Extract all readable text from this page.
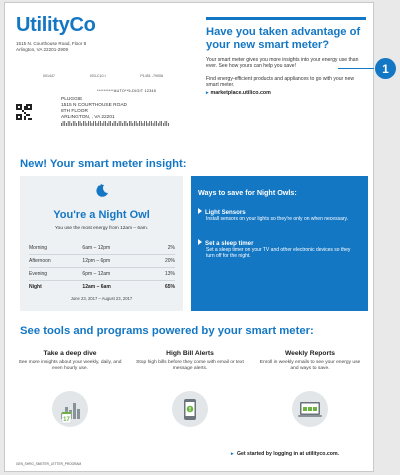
UtilityCo
1515 N. Courthouse Road, Floor 8
Arlington, VA 22201-2909
001447	003-C10-I	P1451 -79008
**********AUTO**5-DIGIT 12345
PLUGGIE
1515 N COURTHOUSE ROAD
8TH FLOOR
ARLINGTON, , VA 22201
Have you taken advantage of your new smart meter?

Your smart meter gives you more insights into your energy use than ever. See how yours can help you save!

Find energy-efficient products and appliances to go with your new smart meter.

▸ marketplace.utilico.com
New! Your smart meter insight:
✦ ✦
You're a Night Owl
You use the most energy from 12am – 6am.
Morning	6am – 12pm	2%
Afternoon	12pm – 6pm	20%
Evening	6pm – 12am	13%
Night	12am – 6am	65%
June 23, 2017 – August 23, 2017
Ways to save for Night Owls:
Light Sensors
Install sensors on your lights so they're only on when necessary.
Set a sleep timer
Set a sleep timer on your TV and other electronic devices so they turn off for the night.
See tools and programs powered by your smart meter:
Take a deep dive

See more insights about your weekly, daily, and even hourly use.

High Bill Alerts

Stop high bills before they come with email or text message alerts.

Weekly Reports

Enroll in weekly emails to see your energy use and ways to save.

17
▸ Get started by logging in at utilityco.com.
GEN_SHRG_SMETER_LETTER_PROGRAM
1
